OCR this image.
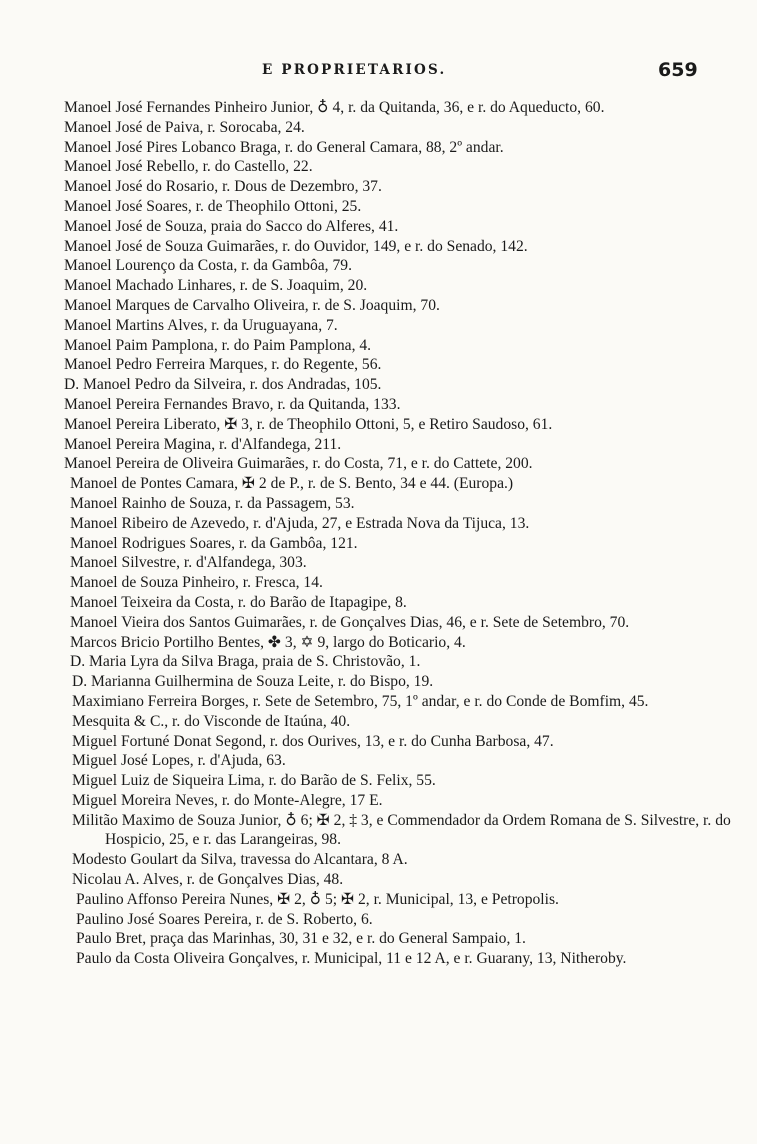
E PROPRIETARIOS.	659
Manoel José Fernandes Pinheiro Junior, ♁ 4, r. da Quitanda, 36, e r. do Aqueducto, 60.
Manoel José de Paiva, r. Sorocaba, 24.
Manoel José Pires Lobanco Braga, r. do General Camara, 88, 2º andar.
Manoel José Rebello, r. do Castello, 22.
Manoel José do Rosario, r. Dous de Dezembro, 37.
Manoel José Soares, r. de Theophilo Ottoni, 25.
Manoel José de Souza, praia do Sacco do Alferes, 41.
Manoel José de Souza Guimarães, r. do Ouvidor, 149, e r. do Senado, 142.
Manoel Lourenço da Costa, r. da Gambôa, 79.
Manoel Machado Linhares, r. de S. Joaquim, 20.
Manoel Marques de Carvalho Oliveira, r. de S. Joaquim, 70.
Manoel Martins Alves, r. da Uruguayana, 7.
Manoel Paim Pamplona, r. do Paim Pamplona, 4.
Manoel Pedro Ferreira Marques, r. do Regente, 56.
D. Manoel Pedro da Silveira, r. dos Andradas, 105.
Manoel Pereira Fernandes Bravo, r. da Quitanda, 133.
Manoel Pereira Liberato, ✠ 3, r. de Theophilo Ottoni, 5, e Retiro Saudoso, 61.
Manoel Pereira Magina, r. d'Alfandega, 211.
Manoel Pereira de Oliveira Guimarães, r. do Costa, 71, e r. do Cattete, 200.
Manoel de Pontes Camara, ✠ 2 de P., r. de S. Bento, 34 e 44. (Europa.)
Manoel Rainho de Souza, r. da Passagem, 53.
Manoel Ribeiro de Azevedo, r. d'Ajuda, 27, e Estrada Nova da Tijuca, 13.
Manoel Rodrigues Soares, r. da Gambôa, 121.
Manoel Silvestre, r. d'Alfandega, 303.
Manoel de Souza Pinheiro, r. Fresca, 14.
Manoel Teixeira da Costa, r. do Barão de Itapagipe, 8.
Manoel Vieira dos Santos Guimarães, r. de Gonçalves Dias, 46, e r. Sete de Setembro, 70.
Marcos Bricio Portilho Bentes, ✤ 3, ✡ 9, largo do Boticario, 4.
D. Maria Lyra da Silva Braga, praia de S. Christovão, 1.
D. Marianna Guilhermina de Souza Leite, r. do Bispo, 19.
Maximiano Ferreira Borges, r. Sete de Setembro, 75, 1º andar, e r. do Conde de Bomfim, 45.
Mesquita & C., r. do Visconde de Itaúna, 40.
Miguel Fortuné Donat Segond, r. dos Ourives, 13, e r. do Cunha Barbosa, 47.
Miguel José Lopes, r. d'Ajuda, 63.
Miguel Luiz de Siqueira Lima, r. do Barão de S. Felix, 55.
Miguel Moreira Neves, r. do Monte-Alegre, 17 E.
Militão Maximo de Souza Junior, ♁ 6; ✠ 2, ‡ 3, e Commendador da Ordem Romana de S. Silvestre, r. do Hospicio, 25, e r. das Larangeiras, 98.
Modesto Goulart da Silva, travessa do Alcantara, 8 A.
Nicolau A. Alves, r. de Gonçalves Dias, 48.
Paulino Affonso Pereira Nunes, ✠ 2, ♁ 5; ✠ 2, r. Municipal, 13, e Petropolis.
Paulino José Soares Pereira, r. de S. Roberto, 6.
Paulo Bret, praça das Marinhas, 30, 31 e 32, e r. do General Sampaio, 1.
Paulo da Costa Oliveira Gonçalves, r. Municipal, 11 e 12 A, e r. Guarany, 13, Nitheroby.
